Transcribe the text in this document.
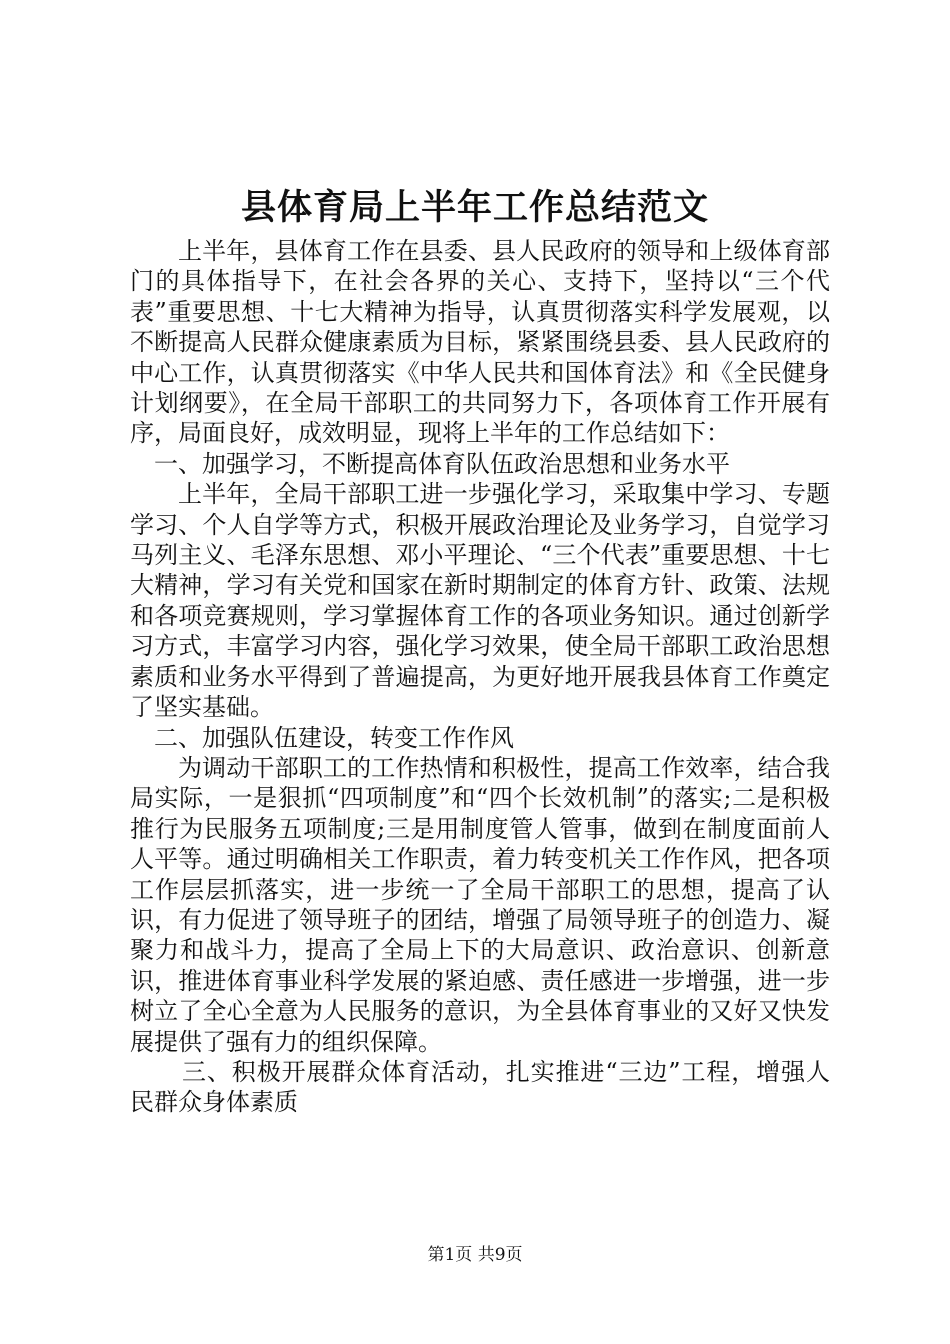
县体育局上半年工作总结范文

上半年，县体育工作在县委、县人民政府的领导和上级体育部门的具体指导下，在社会各界的关心、支持下，坚持以“三个代表”重要思想、十七大精神为指导，认真贯彻落实科学发展观，以不断提高人民群众健康素质为目标，紧紧围绕县委、县人民政府的中心工作，认真贯彻落实《中华人民共和国体育法》和《全民健身计划纲要》，在全局干部职工的共同努力下，各项体育工作开展有序，局面良好，成效明显，现将上半年的工作总结如下：

一、加强学习，不断提高体育队伍政治思想和业务水平

上半年，全局干部职工进一步强化学习，采取集中学习、专题学习、个人自学等方式，积极开展政治理论及业务学习，自觉学习马列主义、毛泽东思想、邓小平理论、“三个代表”重要思想、十七大精神，学习有关党和国家在新时期制定的体育方针、政策、法规和各项竞赛规则，学习掌握体育工作的各项业务知识。通过创新学习方式，丰富学习内容，强化学习效果，使全局干部职工政治思想素质和业务水平得到了普遍提高，为更好地开展我县体育工作奠定了坚实基础。

二、加强队伍建设，转变工作作风

为调动干部职工的工作热情和积极性，提高工作效率，结合我局实际，一是狠抓“四项制度”和“四个长效机制”的落实;二是积极推行为民服务五项制度;三是用制度管人管事，做到在制度面前人人平等。通过明确相关工作职责，着力转变机关工作作风，把各项工作层层抓落实，进一步统一了全局干部职工的思想，提高了认识，有力促进了领导班子的团结，增强了局领导班子的创造力、凝聚力和战斗力，提高了全局上下的大局意识、政治意识、创新意识，推进体育事业科学发展的紧迫感、责任感进一步增强，进一步树立了全心全意为人民服务的意识，为全县体育事业的又好又快发展提供了强有力的组织保障。

三、积极开展群众体育活动，扎实推进“三边”工程，增强人民群众身体素质

第1页 共9页
